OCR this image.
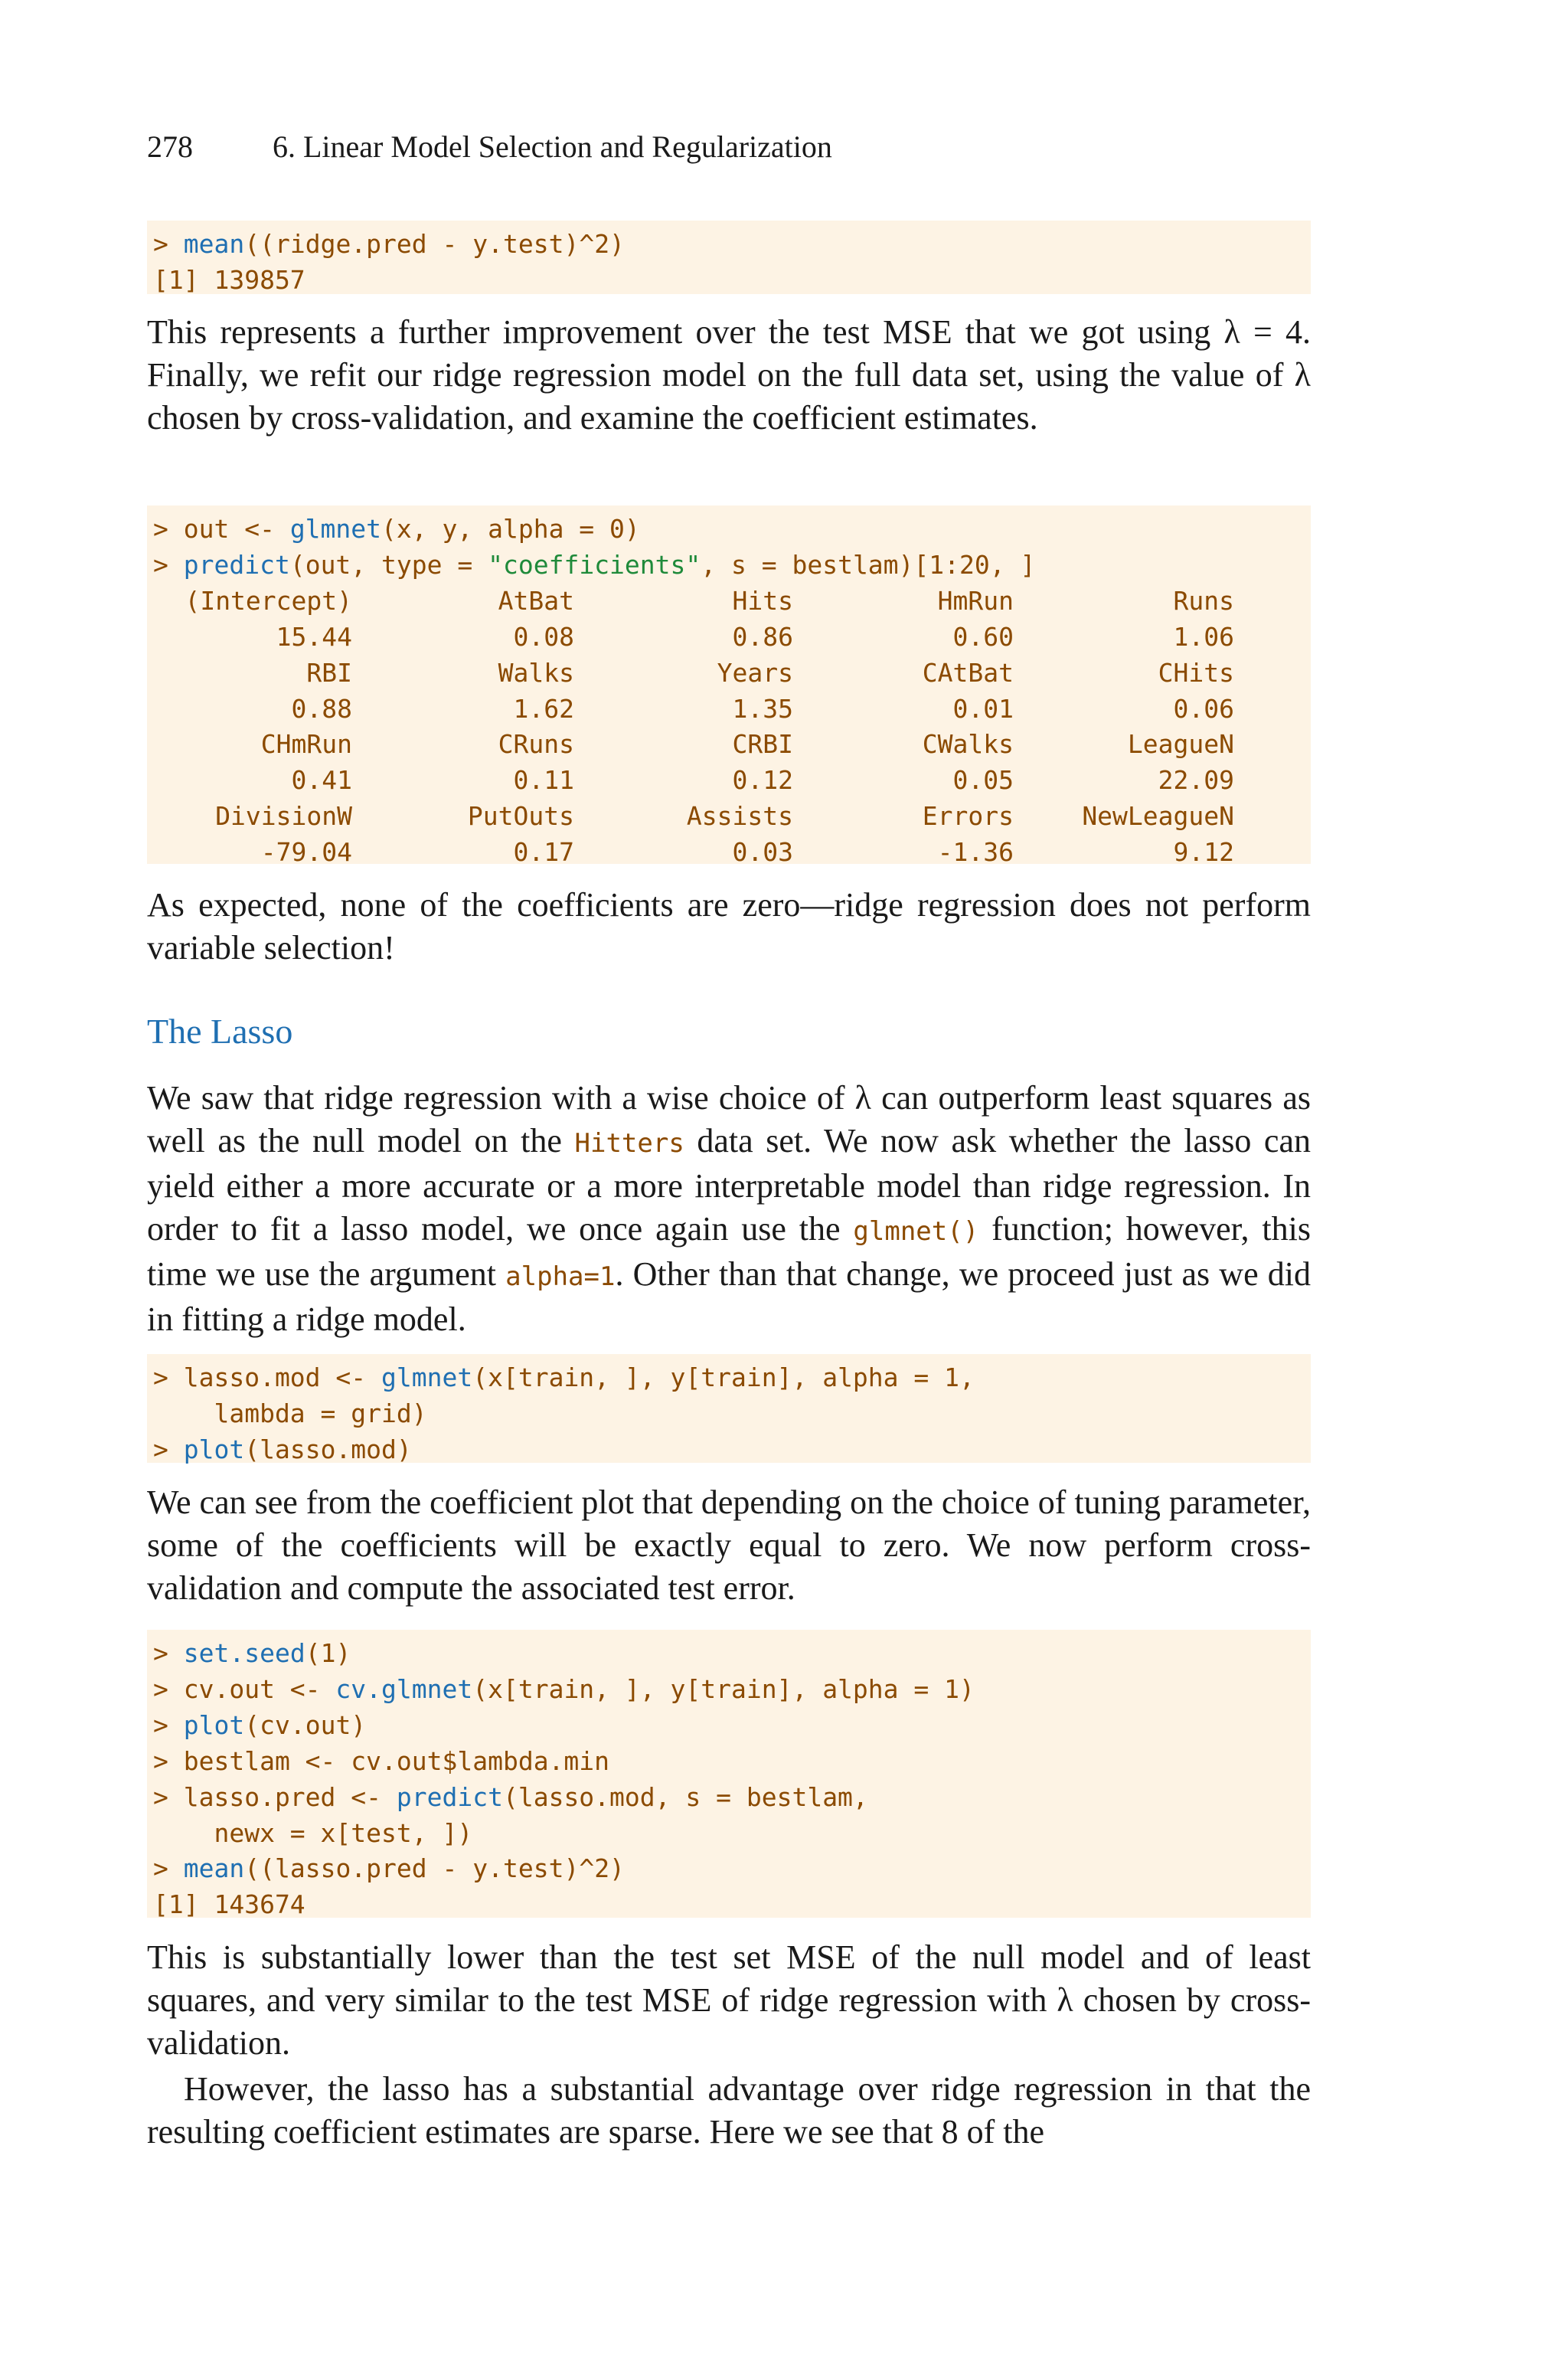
278	6. Linear Model Selection and Regularization
> mean((ridge.pred - y.test)^2)
[1] 139857
This represents a further improvement over the test MSE that we got using λ = 4. Finally, we refit our ridge regression model on the full data set, using the value of λ chosen by cross-validation, and examine the coefficient estimates.
> out <- glmnet(x, y, alpha = 0)
> predict(out, type = "coefficients", s = bestlam)[1:20, ]

(Intercept)	AtBat	Hits	HmRun	Runs
15.44	0.08	0.86	0.60	1.06
RBI	Walks	Years	CAtBat	CHits
0.88	1.62	1.35	0.01	0.06
CHmRun	CRuns	CRBI	CWalks	LeagueN
0.41	0.11	0.12	0.05	22.09
DivisionW	PutOuts	Assists	Errors	NewLeagueN
-79.04	0.17	0.03	-1.36	9.12
As expected, none of the coefficients are zero—ridge regression does not perform variable selection!
The Lasso
We saw that ridge regression with a wise choice of λ can outperform least squares as well as the null model on the Hitters data set. We now ask whether the lasso can yield either a more accurate or a more interpretable model than ridge regression. In order to fit a lasso model, we once again use the glmnet() function; however, this time we use the argument alpha=1. Other than that change, we proceed just as we did in fitting a ridge model.
> lasso.mod <- glmnet(x[train, ], y[train], alpha = 1,
lambda = grid)
> plot(lasso.mod)
We can see from the coefficient plot that depending on the choice of tuning parameter, some of the coefficients will be exactly equal to zero. We now perform cross-validation and compute the associated test error.
> set.seed(1)
> cv.out <- cv.glmnet(x[train, ], y[train], alpha = 1)
> plot(cv.out)
> bestlam <- cv.out$lambda.min
> lasso.pred <- predict(lasso.mod, s = bestlam,
newx = x[test, ])
> mean((lasso.pred - y.test)^2)
[1] 143674
This is substantially lower than the test set MSE of the null model and of least squares, and very similar to the test MSE of ridge regression with λ chosen by cross-validation.
However, the lasso has a substantial advantage over ridge regression in that the resulting coefficient estimates are sparse. Here we see that 8 of the
